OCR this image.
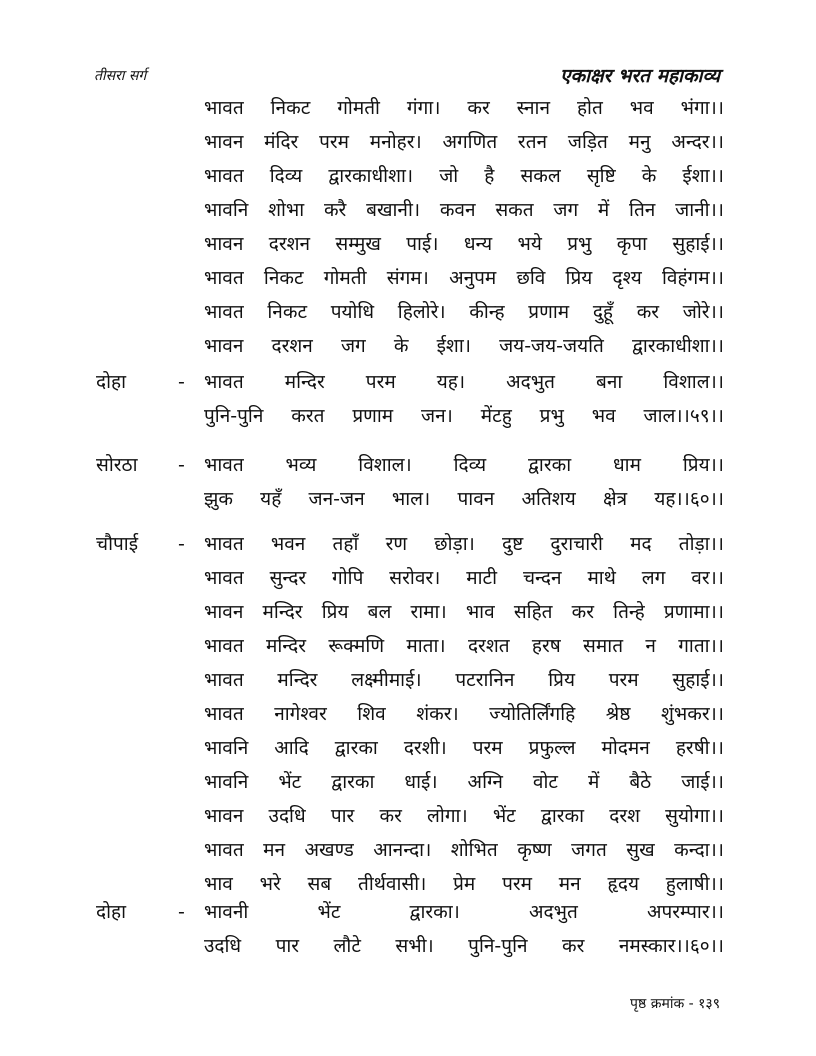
तीसरा सर्ग	एकाक्षर भरत महाकाव्य
भावत निकट गोमती गंगा। कर स्नान होत भव भंगा।।
भावन मंदिर परम मनोहर। अगणित रतन जड़ित मनु अन्दर।।
भावत दिव्य द्वारकाधीशा। जो है सकल सृष्टि के ईशा।।
भावनि शोभा करै बखानी। कवन सकत जग में तिन जानी।।
भावन दरशन सम्मुख पाई। धन्य भये प्रभु कृपा सुहाई।।
भावत निकट गोमती संगम। अनुपम छवि प्रिय दृश्य विहंगम।।
भावत निकट पयोधि हिलोरे। कीन्ह प्रणाम दुहूँ कर जोरे।।
भावन दरशन जग के ईशा। जय-जय-जयति द्वारकाधीशा।।
दोहा	- भावत मन्दिर परम यह। अदभुत बना विशाल।।
पुनि-पुनि करत प्रणाम जन। मेंटहु प्रभु भव जाल।।५९।।
सोरठा - भावत भव्य विशाल। दिव्य द्वारका धाम प्रिय।।
झुक यहँ जन-जन भाल। पावन अतिशय क्षेत्र यह।।६०।।
चौपाई - भावत भवन तहाँ रण छोड़ा। दुष्ट दुराचारी मद तोड़ा।।
भावत सुन्दर गोपि सरोवर। माटी चन्दन माथे लग वर।।
भावन मन्दिर प्रिय बल रामा। भाव सहित कर तिन्हे प्रणामा।।
भावत मन्दिर रूक्मणि माता। दरशत हरष समात न गाता।।
भावत मन्दिर लक्ष्मीमाई। पटरानिन प्रिय परम सुहाई।।
भावत नागेश्वर शिव शंकर। ज्योतिर्लिंगहि श्रेष्ठ शुंभकर।।
भावनि आदि द्वारका दरशी। परम प्रफुल्ल मोदमन हरषी।।
भावनि भेंट द्वारका धाई। अग्नि वोट में बैठे जाई।।
भावन उदधि पार कर लोगा। भेंट द्वारका दरश सुयोगा।।
भावत मन अखण्ड आनन्दा। शोभित कृष्ण जगत सुख कन्दा।।
भाव भरे सब तीर्थवासी। प्रेम परम मन हृदय हुलाषी।।
दोहा	- भावनी भेंट द्वारका। अदभुत अपरम्पार।।
उदधि पार लौटे सभी। पुनि-पुनि कर नमस्कार।।६०।।
पृष्ठ क्रमांक - १३९
